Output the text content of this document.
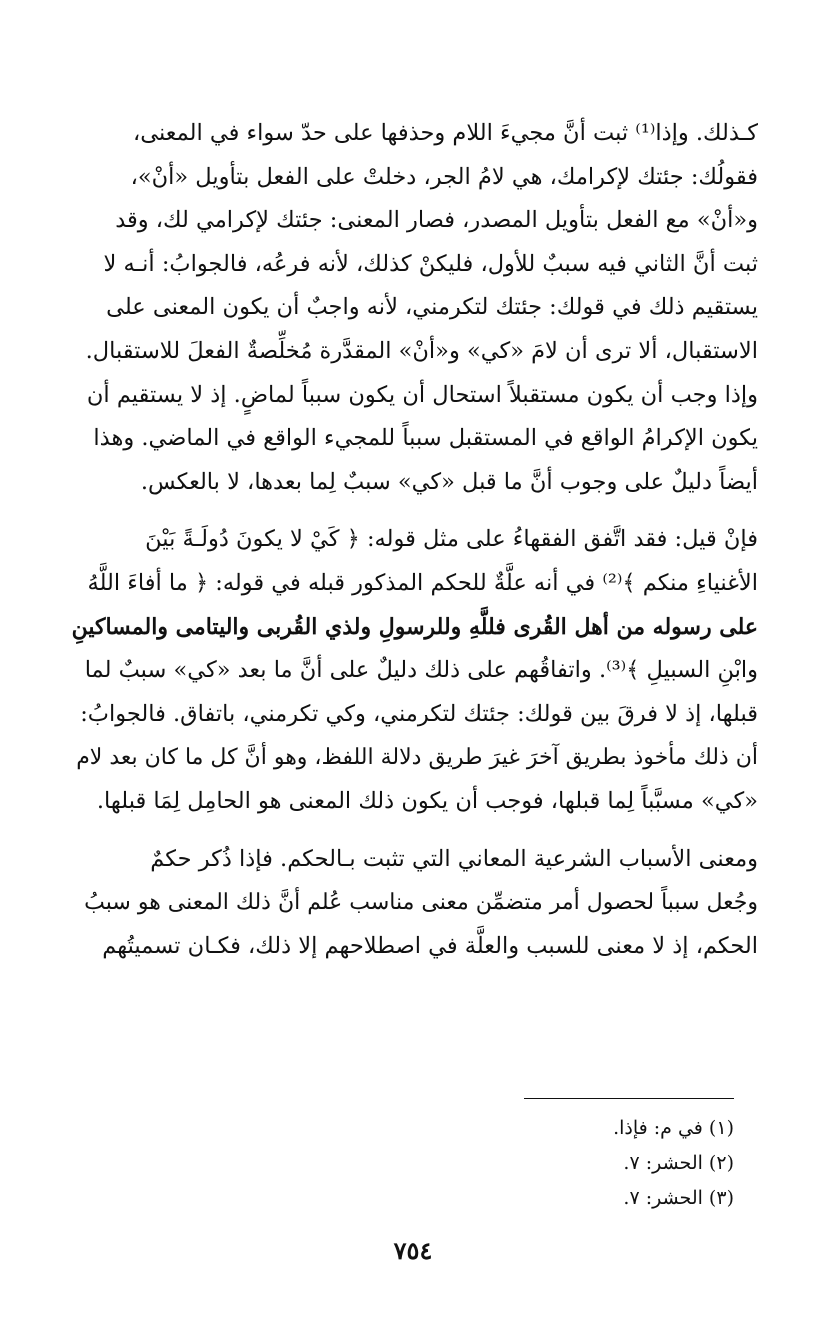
كـذلك. وإذا⁽¹⁾ ثبت أنَّ مجيءَ اللام وحذفها على حدّ سواء في المعنى،
فقولُك: جئتك لإكرامك، هي لامُ الجر، دخلتْ على الفعل بتأويل «أنْ»،
و«أنْ» مع الفعل بتأويل المصدر، فصار المعنى: جئتك لإكرامي لك، وقد
ثبت أنَّ الثاني فيه سببٌ للأول، فليكنْ كذلك، لأنه فرعُه، فالجوابُ: أنـه لا
يستقيم ذلك في قولك: جئتك لتكرمني، لأنه واجبٌ أن يكون المعنى على
الاستقبال، ألا ترى أن لامَ «كي» و«أنْ» المقدَّرة مُخلِّصةٌ الفعلَ للاستقبال.
وإذا وجب أن يكون مستقبلاً استحال أن يكون سبباً لماضٍ. إذ لا يستقيم أن
يكون الإكرامُ الواقع في المستقبل سبباً للمجيء الواقع في الماضي. وهذا
أيضاً دليلٌ على وجوب أنَّ ما قبل «كي» سببٌ لِما بعدها، لا بالعكس.

فإنْ قيل: فقد اتَّفق الفقهاءُ على مثل قوله: ﴿ كَيْ لا يكونَ دُولَـةً بَيْنَ
الأغنياءِ منكم ﴾⁽²⁾ في أنه علَّةٌ للحكم المذكور قبله في قوله: ﴿ ما أفاءَ اللَّهُ
على رسوله من أهل القُرى فللَّهِ وللرسولِ ولذي القُربى واليتامى والمساكينِ
وابْنِ السبيلِ ﴾⁽³⁾. واتفاقُهم على ذلك دليلٌ على أنَّ ما بعد «كي» سببٌ لما
قبلها، إذ لا فرقَ بين قولك: جئتك لتكرمني، وكي تكرمني، باتفاق. فالجوابُ:
أن ذلك مأخوذ بطريق آخرَ غيرَ طريق دلالة اللفظ، وهو أنَّ كل ما كان بعد لام
«كي» مسبَّباً لِما قبلها، فوجب أن يكون ذلك المعنى هو الحامِل لِمَا قبلها.

ومعنى الأسباب الشرعية المعاني التي تثبت بـالحكم. فإذا ذُكر حكمٌ
وجُعل سبباً لحصول أمر متضمِّن معنى مناسب عُلم أنَّ ذلك المعنى هو سببُ
الحكم، إذ لا معنى للسبب والعلَّة في اصطلاحهم إلا ذلك، فكـان تسميتُهم

(١) في م: فإذا.
(٢) الحشر: ٧.
(٣) الحشر: ٧.
٧٥٤
